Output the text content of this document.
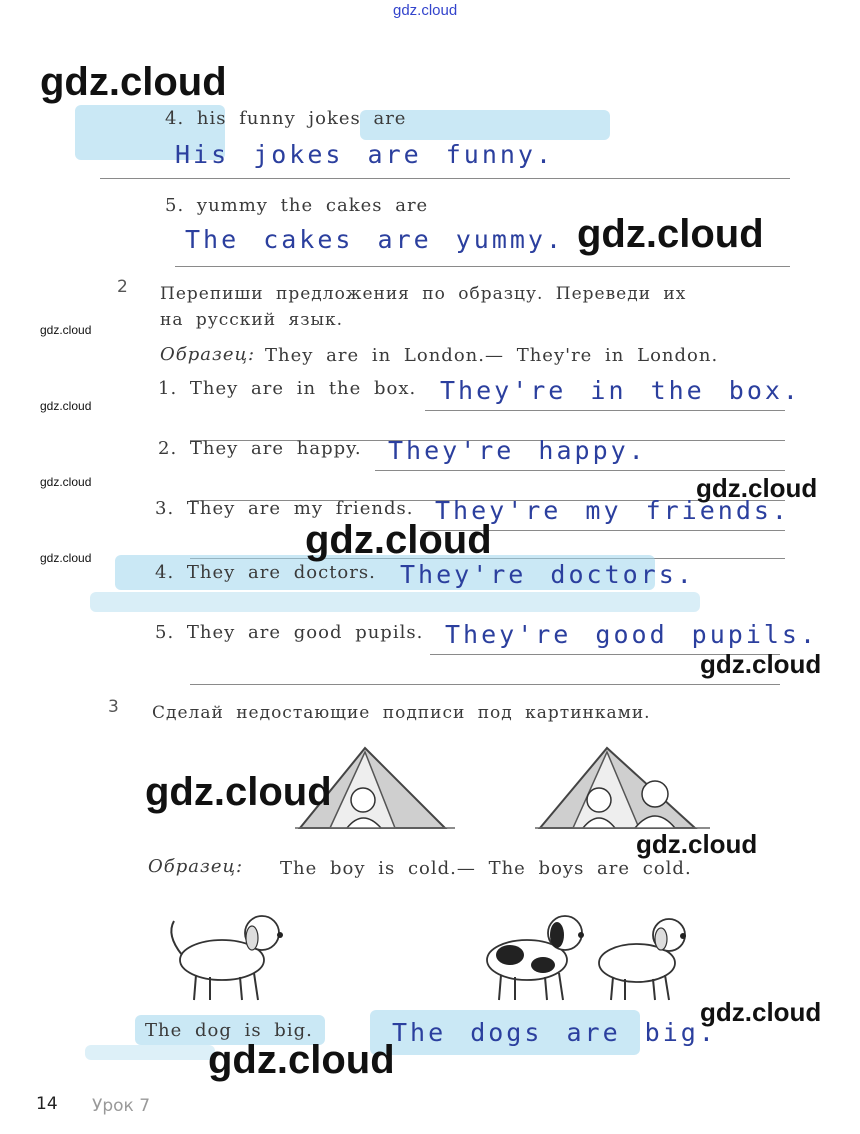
gdz.cloud
4. his funny jokes are
His jokes are funny.
5. yummy the cakes are
The cakes are yummy.
2 Перепиши предложения по образцу. Переведи их
на русский язык.
Образец: They are in London.— They're in London.
1. They are in the box. They're in the box.
2. They are happy. They're happy.
3. They are my friends. They're my friends.
4. They are doctors. They're doctors.
5. They are good pupils. They're good pupils.
3 Сделай недостающие подписи под картинками.
Образец: The boy is cold.— The boys are cold.
The dog is big.	The dogs are big.
14 Урок 7
gdz.cloud
gdz.cloud
gdz.cloud
gdz.cloud
gdz.cloud
gdz.cloud
gdz.cloud
gdz.cloud
gdz.cloud
gdz.cloud
gdz.cloud
gdz.cloud
gdz.cloud
